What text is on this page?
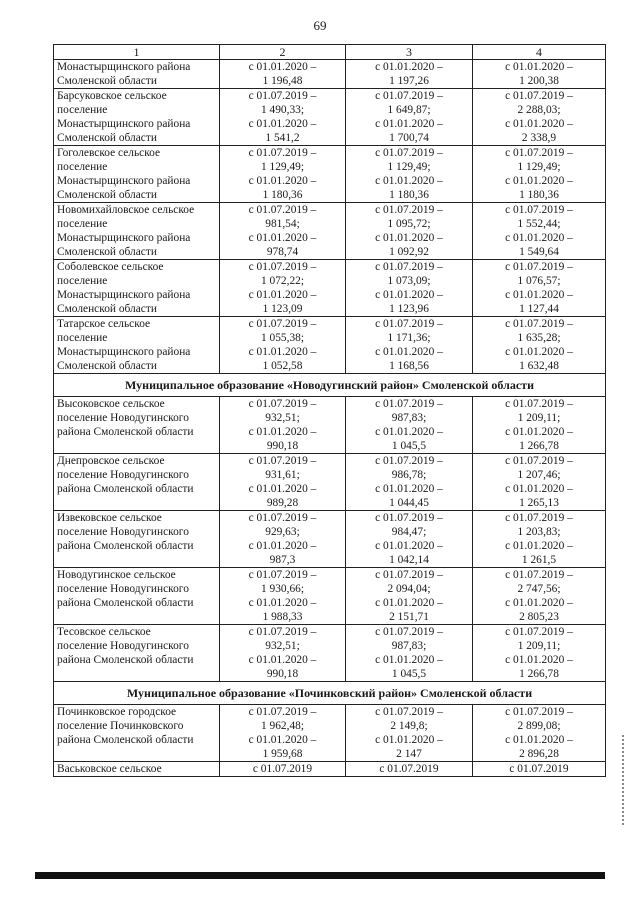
69
1	2	3	4
Монастырщинского района
Смоленской области	с 01.01.2020 –
1 196,48	с 01.01.2020 –
1 197,26	с 01.01.2020 –
1 200,38
Барсуковское сельское
поселение
Монастырщинского района
Смоленской области	с 01.07.2019 –
1 490,33;
с 01.01.2020 –
1 541,2	с 01.07.2019 –
1 649,87;
с 01.01.2020 –
1 700,74	с 01.07.2019 –
2 288,03;
с 01.01.2020 –
2 338,9
Гоголевское сельское
поселение
Монастырщинского района
Смоленской области	с 01.07.2019 –
1 129,49;
с 01.01.2020 –
1 180,36	с 01.07.2019 –
1 129,49;
с 01.01.2020 –
1 180,36	с 01.07.2019 –
1 129,49;
с 01.01.2020 –
1 180,36
Новомихайловское сельское
поселение
Монастырщинского района
Смоленской области	с 01.07.2019 –
981,54;
с 01.01.2020 –
978,74	с 01.07.2019 –
1 095,72;
с 01.01.2020 –
1 092,92	с 01.07.2019 –
1 552,44;
с 01.01.2020 –
1 549,64
Соболевское сельское
поселение
Монастырщинского района
Смоленской области	с 01.07.2019 –
1 072,22;
с 01.01.2020 –
1 123,09	с 01.07.2019 –
1 073,09;
с 01.01.2020 –
1 123,96	с 01.07.2019 –
1 076,57;
с 01.01.2020 –
1 127,44
Татарское сельское
поселение
Монастырщинского района
Смоленской области	с 01.07.2019 –
1 055,38;
с 01.01.2020 –
1 052,58	с 01.07.2019 –
1 171,36;
с 01.01.2020 –
1 168,56	с 01.07.2019 –
1 635,28;
с 01.01.2020 –
1 632,48
Муниципальное образование «Новодугинский район» Смоленской области			
Высоковское сельское
поселение Новодугинского
района Смоленской области	с 01.07.2019 –
932,51;
с 01.01.2020 –
990,18	с 01.07.2019 –
987,83;
с 01.01.2020 –
1 045,5	с 01.07.2019 –
1 209,11;
с 01.01.2020 –
1 266,78
Днепровское сельское
поселение Новодугинского
района Смоленской области	с 01.07.2019 –
931,61;
с 01.01.2020 –
989,28	с 01.07.2019 –
986,78;
с 01.01.2020 –
1 044,45	с 01.07.2019 –
1 207,46;
с 01.01.2020 –
1 265,13
Извековское сельское
поселение Новодугинского
района Смоленской области	с 01.07.2019 –
929,63;
с 01.01.2020 –
987,3	с 01.07.2019 –
984,47;
с 01.01.2020 –
1 042,14	с 01.07.2019 –
1 203,83;
с 01.01.2020 –
1 261,5
Новодугинское сельское
поселение Новодугинского
района Смоленской области	с 01.07.2019 –
1 930,66;
с 01.01.2020 –
1 988,33	с 01.07.2019 –
2 094,04;
с 01.01.2020 –
2 151,71	с 01.07.2019 –
2 747,56;
с 01.01.2020 –
2 805,23
Тесовское сельское
поселение Новодугинского
района Смоленской области	с 01.07.2019 –
932,51;
с 01.01.2020 –
990,18	с 01.07.2019 –
987,83;
с 01.01.2020 –
1 045,5	с 01.07.2019 –
1 209,11;
с 01.01.2020 –
1 266,78
Муниципальное образование «Починковский район» Смоленской области			
Починковское городское
поселение Починковского
района Смоленской области	с 01.07.2019 –
1 962,48;
с 01.01.2020 –
1 959,68	с 01.07.2019 –
2 149,8;
с 01.01.2020 –
2 147	с 01.07.2019 –
2 899,08;
с 01.01.2020 –
2 896,28
Васьковское сельское	с 01.07.2019	с 01.07.2019	с 01.07.2019
